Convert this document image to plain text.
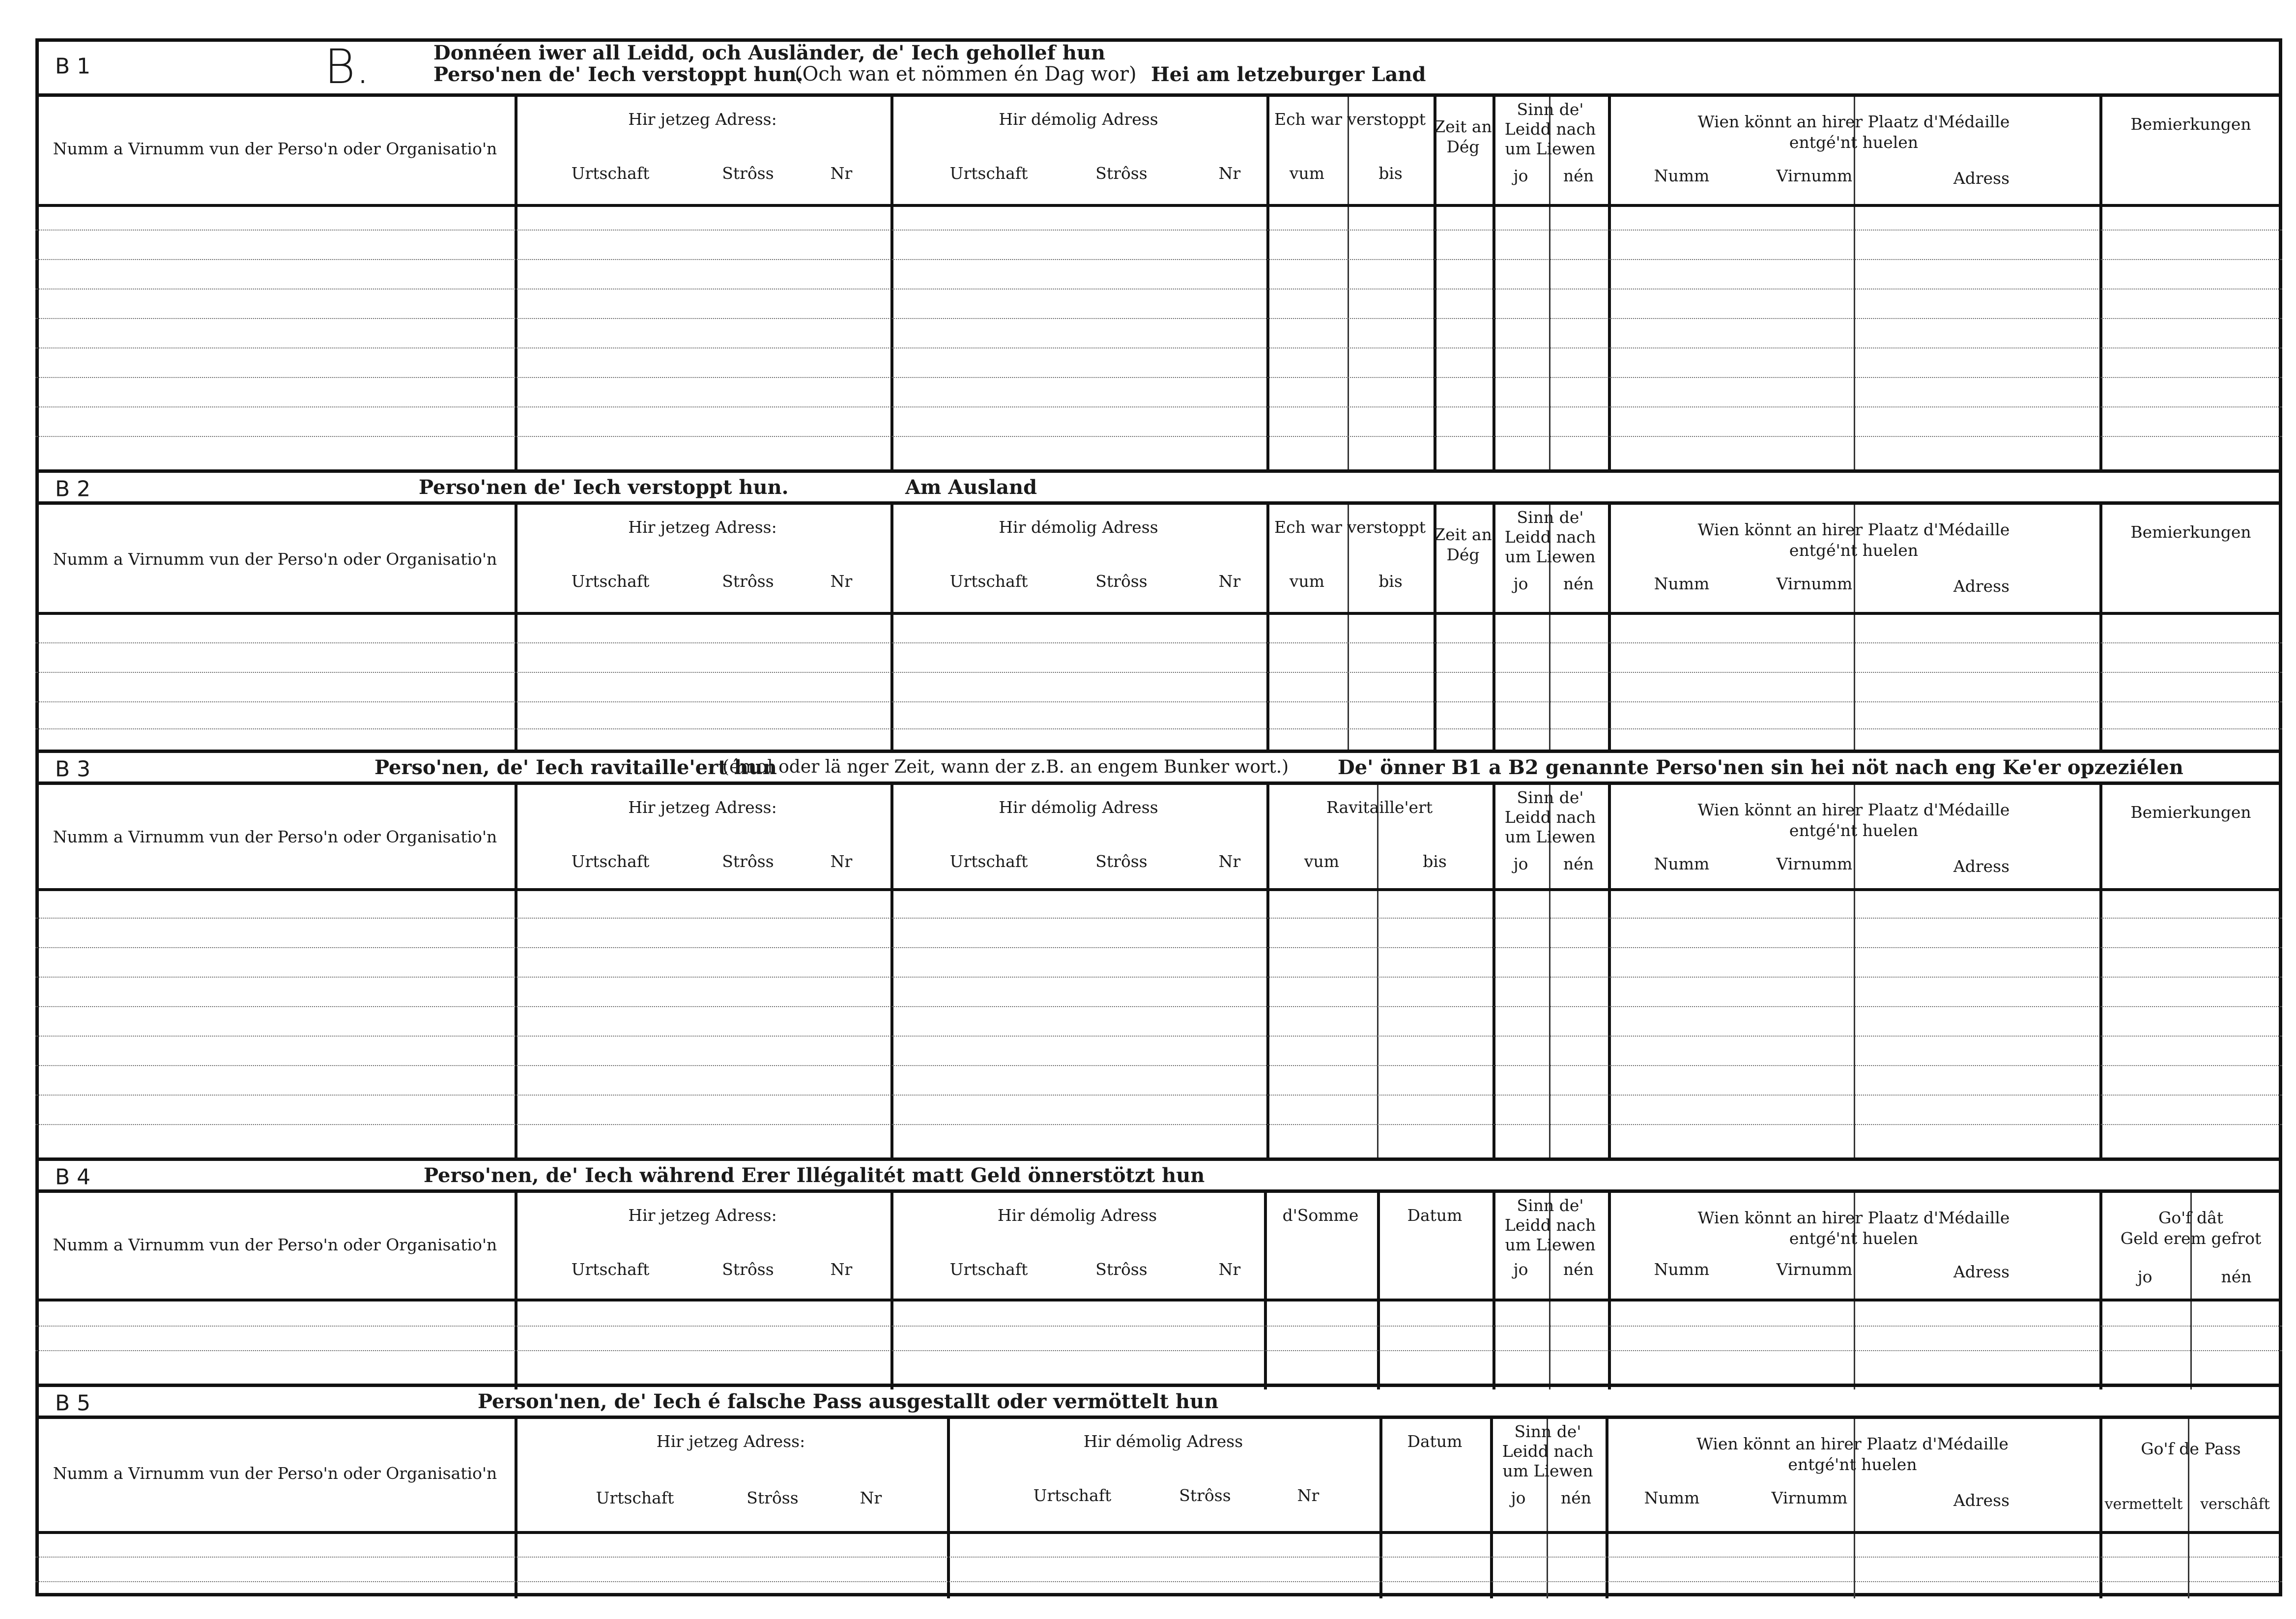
B 1
Donnéen iwer all Leidd, och Ausländer, de' Iech gehollef hun
Perso'nen de' Iech verstoppt hun.
(Och wan et nömmen én Dag wor) Hei am letzeburger Land
B.
Numm a Virnumm vun der Perso'n oder Organisatio'n
Hir jetzeg Adress:
Urtschaft	Strôss	Nr
Hir démolig Adress
Urtschaft	Strôss	Nr
Ech war verstoppt
vum	bis
Zeit an Dég
Sinn de'
Leidd nach
um Liewen
jo	nén
Wien könnt an hirer Plaatz d'Médaille
entgé'nt huelen
Numm	Virnumm	Adress
Bemierkungen
B 2	Perso'nen de' Iech verstoppt hun.	Am Ausland
Numm a Virnumm vun der Perso'n oder Organisatio'n
Hir jetzeg Adress:
Urtschaft	Strôss	Nr
Hir démolig Adress
Urtschaft	Strôss	Nr
Ech war verstoppt
vum	bis
Zeit an Dég
Sinn de'
Leidd nach
um Liewen
jo	nén
Wien könnt an hirer Plaatz d'Médaille
entgé'nt huelen
Numm	Virnumm	Adress
Bemierkungen
B 3	Perso'nen, de' Iech ravitaille'ert hun
(émol oder lä nger Zeit, wann der z.B. an engem Bunker wort.) De' önner B1 a B2 genannte Perso'nen sin hei nöt nach eng Ke'er opzeziélen
Numm a Virnumm vun der Perso'n oder Organisatio'n
Hir jetzeg Adress:
Urtschaft	Strôss	Nr
Hir démolig Adress
Urtschaft	Strôss	Nr
Ravitaille'ert
vum	bis
Sinn de'
Leidd nach
um Liewen
jo	nén
Wien könnt an hirer Plaatz d'Médaille
entgé'nt huelen
Numm	Virnumm	Adress
Bemierkungen
B 4	Perso'nen, de' Iech während Erer Illégalitét matt Geld önnerstötzt hun
Numm a Virnumm vun der Perso'n oder Organisatio'n
Hir jetzeg Adress:
Urtschaft	Strôss	Nr
Hir démolig Adress
Urtschaft	Strôss	Nr
d'Somme	Datum
Sinn de'
Leidd nach
um Liewen
jo	nén
Wien könnt an hirer Plaatz d'Médaille
entgé'nt huelen
Numm	Virnumm	Adress
Go'f dât
Geld erem gefrot
jo	nén
B 5	Person'nen, de' Iech é falsche Pass ausgestallt oder vermöttelt hun
Numm a Virnumm vun der Perso'n oder Organisatio'n
Hir jetzeg Adress:
Urtschaft	Strôss	Nr
Hir démolig Adress
Urtschaft	Strôss	Nr
Datum
Sinn de'
Leidd nach
um Liewen
jo	nén
Wien könnt an hirer Plaatz d'Médaille
entgé'nt huelen
Numm	Virnumm	Adress
Go'f de Pass
vermettelt	verschâft
